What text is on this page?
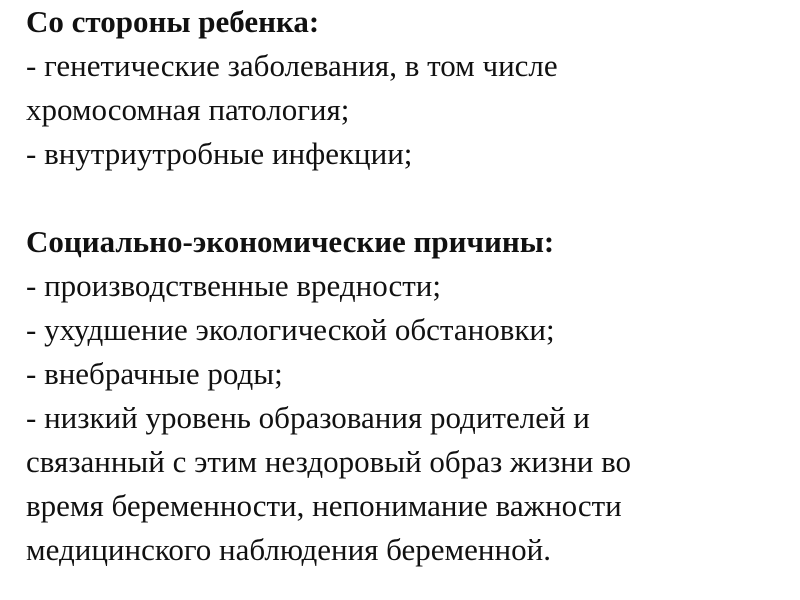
Со стороны ребенка:
- генетические заболевания, в том числе
хромосомная патология;
- внутриутробные инфекции;
Социально-экономические причины:
- производственные вредности;
- ухудшение экологической обстановки;
- внебрачные роды;
- низкий уровень образования родителей и
связанный с этим нездоровый образ жизни во
время беременности, непонимание важности
медицинского наблюдения беременной.
